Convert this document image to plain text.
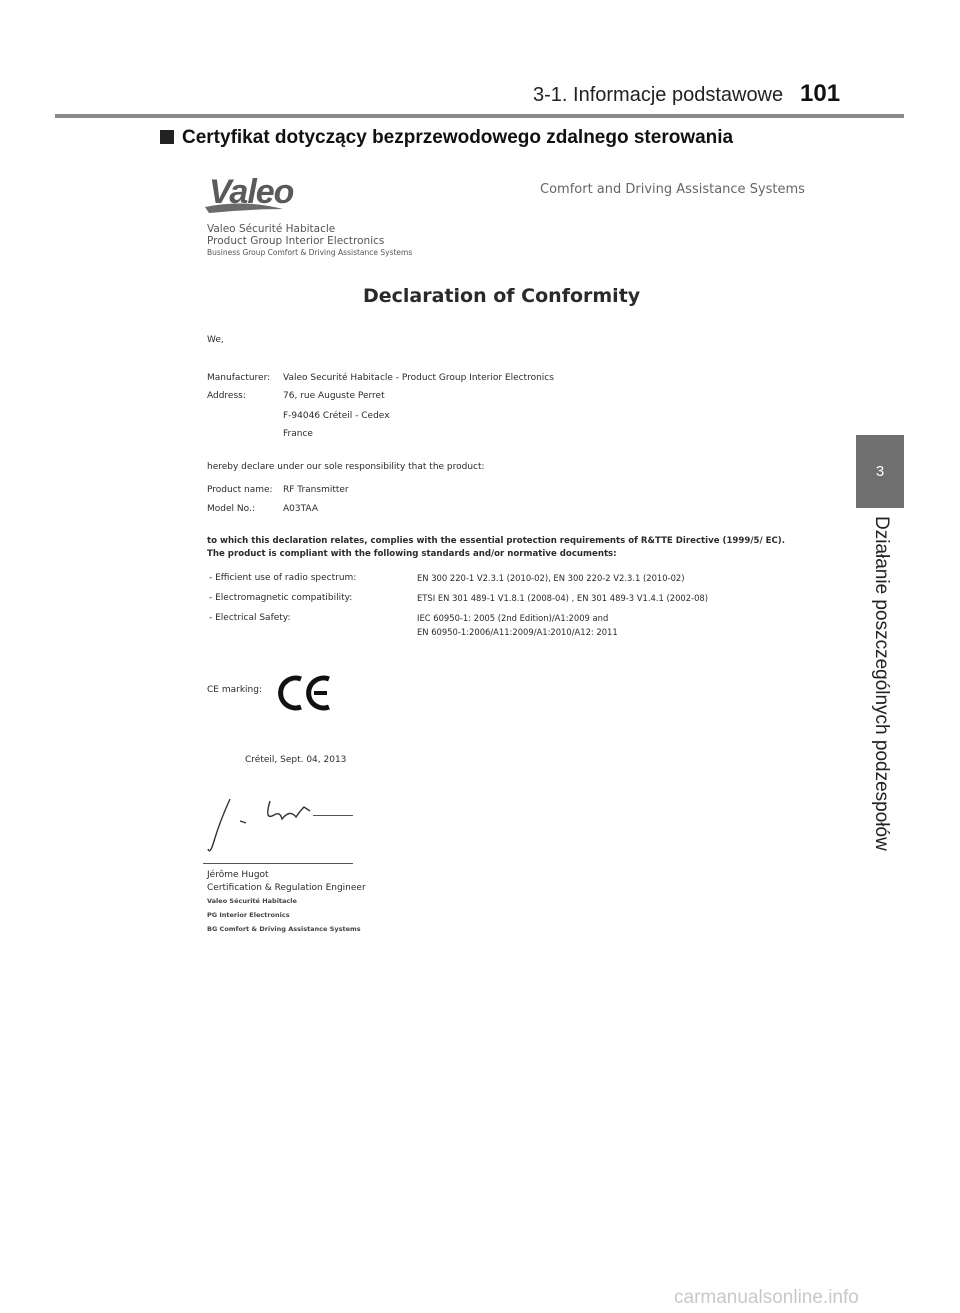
3-1. Informacje podstawowe 101
Certyfikat dotyczący bezprzewodowego zdalnego sterowania
3
Działanie poszczególnych podzespołów
Valeo	Comfort and Driving Assistance Systems
Valeo Sécurité Habitacle
Product Group Interior Electronics
Business Group Comfort & Driving Assistance Systems
Declaration of Conformity
We,
Manufacturer: Valeo Securité Habitacle - Product Group Interior Electronics
Address:	76, rue Auguste Perret
F-94046 Créteil - Cedex
France
hereby declare under our sole responsibility that the product:
Product name: RF Transmitter
Model No.:	A03TAA
to which this declaration relates, complies with the essential protection requirements of R&TTE Directive (1999/5/ EC).
The product is compliant with the following standards and/or normative documents:
- Efficient use of radio spectrum:	EN 300 220-1 V2.3.1 (2010-02), EN 300 220-2 V2.3.1 (2010-02)
- Electromagnetic compatibility:	ETSI EN 301 489-1 V1.8.1 (2008-04) , EN 301 489-3 V1.4.1 (2002-08)
- Electrical Safety:	IEC 60950-1: 2005 (2nd Edition)/A1:2009 and
EN 60950-1:2006/A11:2009/A1:2010/A12: 2011
CE marking:
Créteil, Sept. 04, 2013
Jérôme Hugot
Certification & Regulation Engineer
Valeo Sécurité Habitacle
PG Interior Electronics
BG Comfort & Driving Assistance Systems
carmanualsonline.info
